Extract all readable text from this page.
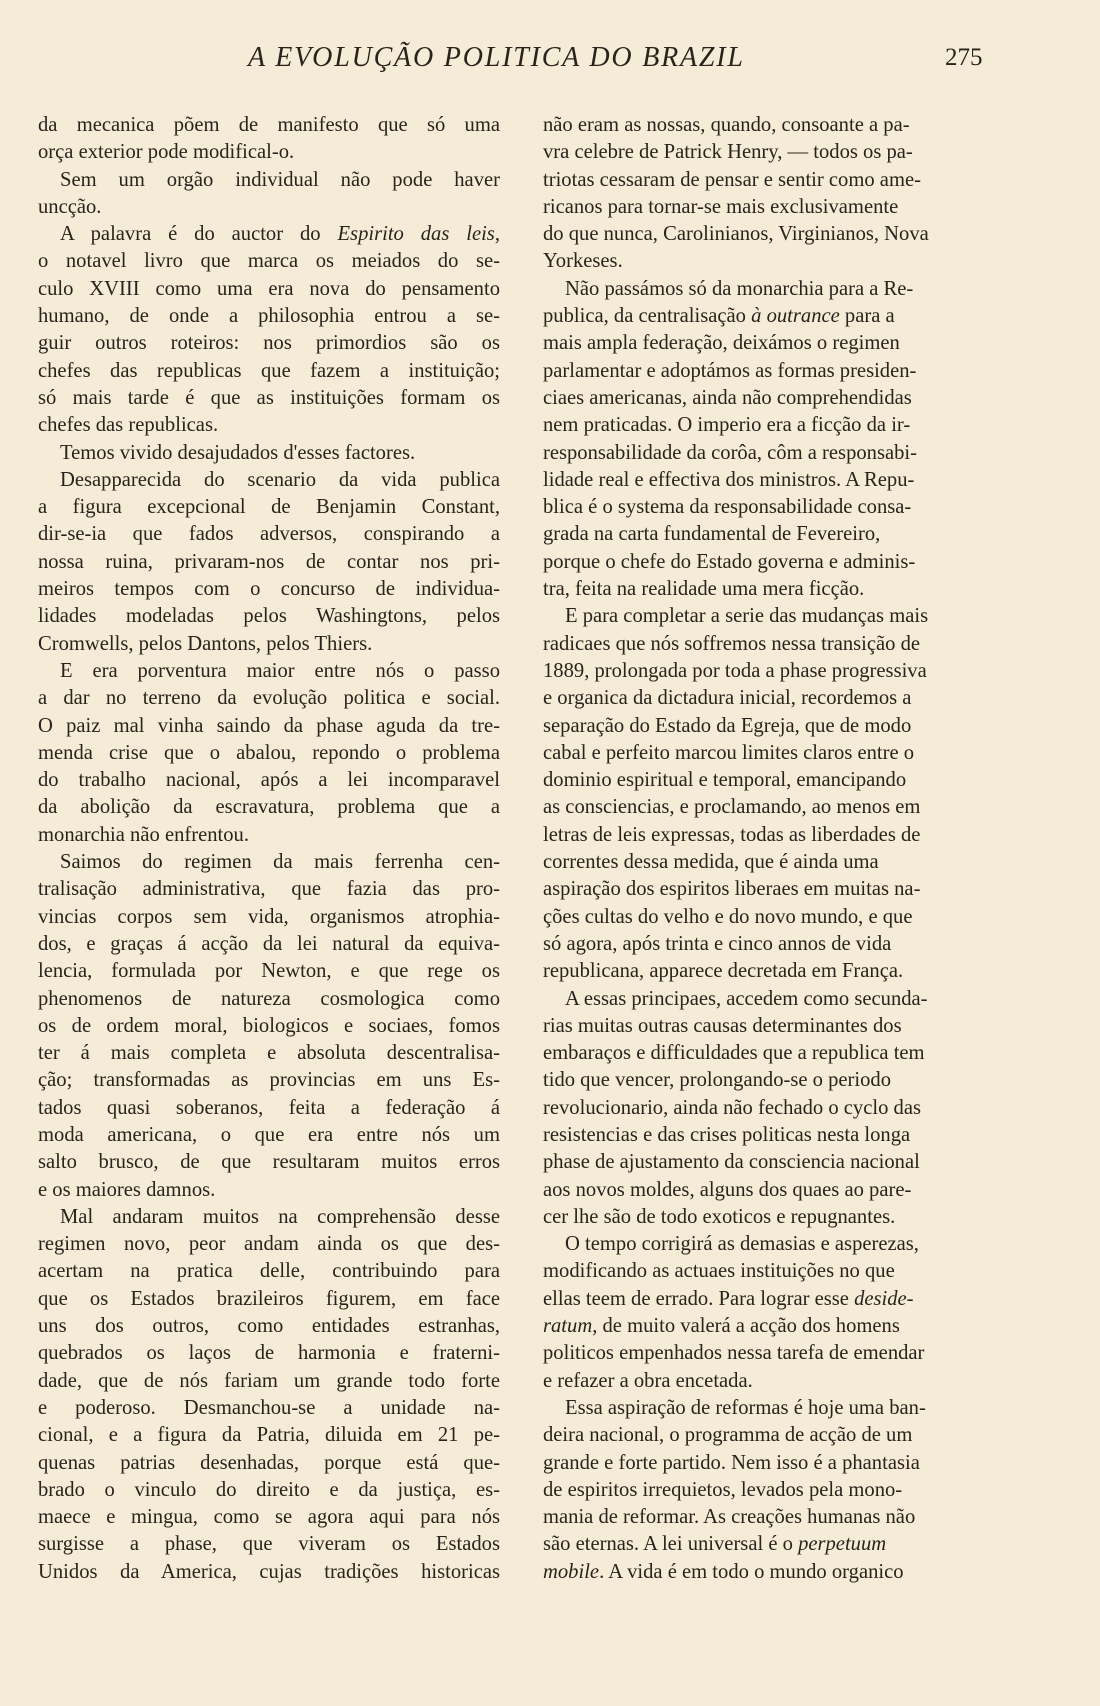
A EVOLUÇÃO POLITICA DO BRAZIL	275
da mecanica põem de manifesto que só uma
orça exterior pode modifical-o.
Sem um orgão individual não pode haver
uncção.
A palavra é do auctor do Espirito das leis,
o notavel livro que marca os meiados do se-
culo XVIII como uma era nova do pensamento
humano, de onde a philosophia entrou a se-
guir outros roteiros: nos primordios são os
chefes das republicas que fazem a instituição;
só mais tarde é que as instituições formam os
chefes das republicas.
Temos vivido desajudados d'esses factores.
Desapparecida do scenario da vida publica
a figura excepcional de Benjamin Constant,
dir-se-ia que fados adversos, conspirando a
nossa ruina, privaram-nos de contar nos pri-
meiros tempos com o concurso de individua-
lidades modeladas pelos Washingtons, pelos
Cromwells, pelos Dantons, pelos Thiers.
E era porventura maior entre nós o passo
a dar no terreno da evolução politica e social.
O paiz mal vinha saindo da phase aguda da tre-
menda crise que o abalou, repondo o problema
do trabalho nacional, após a lei incomparavel
da abolição da escravatura, problema que a
monarchia não enfrentou.
Saimos do regimen da mais ferrenha cen-
tralisação administrativa, que fazia das pro-
vincias corpos sem vida, organismos atrophia-
dos, e graças á acção da lei natural da equiva-
lencia, formulada por Newton, e que rege os
phenomenos de natureza cosmologica como
os de ordem moral, biologicos e sociaes, fomos
ter á mais completa e absoluta descentralisa-
ção; transformadas as provincias em uns Es-
tados quasi soberanos, feita a federação á
moda americana, o que era entre nós um
salto brusco, de que resultaram muitos erros
e os maiores damnos.
Mal andaram muitos na comprehensão desse
regimen novo, peor andam ainda os que des-
acertam na pratica delle, contribuindo para
que os Estados brazileiros figurem, em face
uns dos outros, como entidades estranhas,
quebrados os laços de harmonia e fraterni-
dade, que de nós fariam um grande todo forte
e poderoso. Desmanchou-se a unidade na-
cional, e a figura da Patria, diluida em 21 pe-
quenas patrias desenhadas, porque está que-
brado o vinculo do direito e da justiça, es-
maece e mingua, como se agora aqui para nós
surgisse a phase, que viveram os Estados
Unidos da America, cujas tradições historicas
não eram as nossas, quando, consoante a pa-
vra celebre de Patrick Henry, — todos os pa-
triotas cessaram de pensar e sentir como ame-
ricanos para tornar-se mais exclusivamente
do que nunca, Carolinianos, Virginianos, Nova
Yorkeses.
Não passámos só da monarchia para a Re-
publica, da centralisação à outrance para a
mais ampla federação, deixámos o regimen
parlamentar e adoptámos as formas presiden-
ciaes americanas, ainda não comprehendidas
nem praticadas. O imperio era a ficção da ir-
responsabilidade da corôa, côm a responsabi-
lidade real e effectiva dos ministros. A Repu-
blica é o systema da responsabilidade consa-
grada na carta fundamental de Fevereiro,
porque o chefe do Estado governa e adminis-
tra, feita na realidade uma mera ficção.
E para completar a serie das mudanças mais
radicaes que nós soffremos nessa transição de
1889, prolongada por toda a phase progressiva
e organica da dictadura inicial, recordemos a
separação do Estado da Egreja, que de modo
cabal e perfeito marcou limites claros entre o
dominio espiritual e temporal, emancipando
as consciencias, e proclamando, ao menos em
letras de leis expressas, todas as liberdades de
correntes dessa medida, que é ainda uma
aspiração dos espiritos liberaes em muitas na-
ções cultas do velho e do novo mundo, e que
só agora, após trinta e cinco annos de vida
republicana, apparece decretada em França.
A essas principaes, accedem como secunda-
rias muitas outras causas determinantes dos
embaraços e difficuldades que a republica tem
tido que vencer, prolongando-se o periodo
revolucionario, ainda não fechado o cyclo das
resistencias e das crises politicas nesta longa
phase de ajustamento da consciencia nacional
aos novos moldes, alguns dos quaes ao pare-
cer lhe são de todo exoticos e repugnantes.
O tempo corrigirá as demasias e asperezas,
modificando as actuaes instituições no que
ellas teem de errado. Para lograr esse deside-
ratum, de muito valerá a acção dos homens
politicos empenhados nessa tarefa de emendar
e refazer a obra encetada.
Essa aspiração de reformas é hoje uma ban-
deira nacional, o programma de acção de um
grande e forte partido. Nem isso é a phantasia
de espiritos irrequietos, levados pela mono-
mania de reformar. As creações humanas não
são eternas. A lei universal é o perpetuum
mobile. A vida é em todo o mundo organico
